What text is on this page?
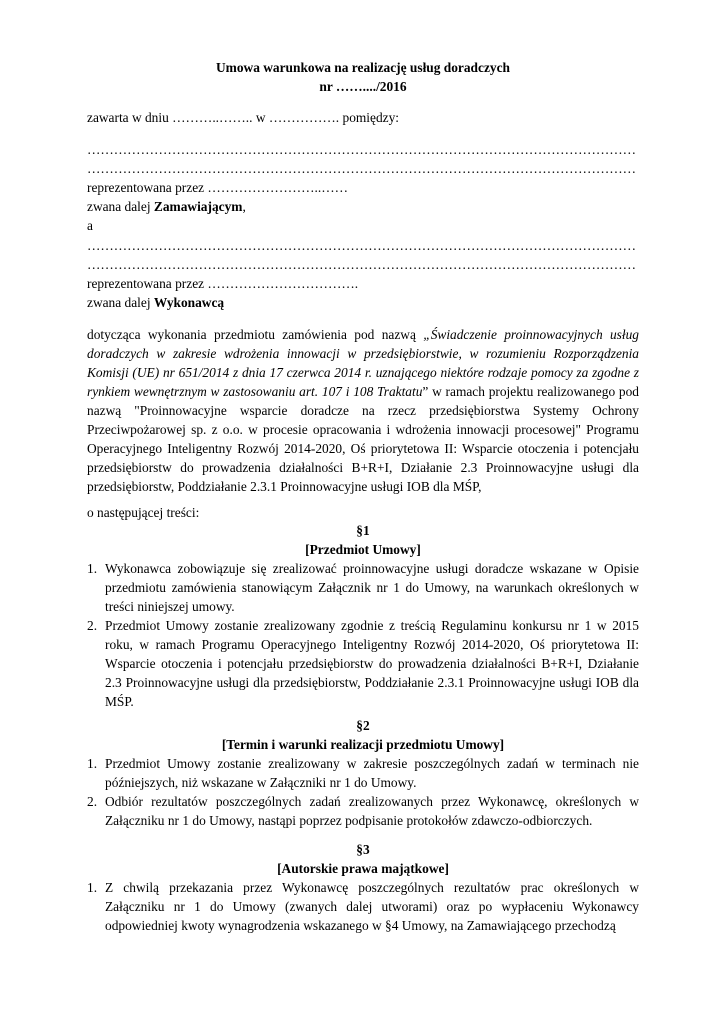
Umowa warunkowa na realizację usług doradczych

nr ……..../2016

zawarta w dniu ………..…….. w ……………. pomiędzy:

……………………………………………………………………………………………………………

……………………………………………………………………………………………………………

reprezentowana przez ……………………..……

zwana dalej Zamawiającym,

a

……………………………………………………………………………………………………………

……………………………………………………………………………………………………………

reprezentowana przez …………………………….

zwana dalej Wykonawcą

dotycząca wykonania przedmiotu zamówienia pod nazwą „Świadczenie proinnowacyjnych usług doradczych w zakresie wdrożenia innowacji w przedsiębiorstwie, w rozumieniu Rozporządzenia Komisji (UE) nr 651/2014 z dnia 17 czerwca 2014 r. uznającego niektóre rodzaje pomocy za zgodne z rynkiem wewnętrznym w zastosowaniu art. 107 i 108 Traktatu” w ramach projektu realizowanego pod nazwą "Proinnowacyjne wsparcie doradcze na rzecz przedsiębiorstwa Systemy Ochrony Przeciwpożarowej sp. z o.o. w procesie opracowania i wdrożenia innowacji procesowej" Programu Operacyjnego Inteligentny Rozwój 2014-2020, Oś priorytetowa II: Wsparcie otoczenia i potencjału przedsiębiorstw do prowadzenia działalności B+R+I, Działanie 2.3 Proinnowacyjne usługi dla przedsiębiorstw, Poddziałanie 2.3.1 Proinnowacyjne usługi IOB dla MŚP,

o następującej treści:

§1

[Przedmiot Umowy]

1. Wykonawca zobowiązuje się zrealizować proinnowacyjne usługi doradcze wskazane w Opisie przedmiotu zamówienia stanowiącym Załącznik nr 1 do Umowy, na warunkach określonych w treści niniejszej umowy.
2. Przedmiot Umowy zostanie zrealizowany zgodnie z treścią Regulaminu konkursu nr 1 w 2015 roku, w ramach Programu Operacyjnego Inteligentny Rozwój 2014-2020, Oś priorytetowa II: Wsparcie otoczenia i potencjału przedsiębiorstw do prowadzenia działalności B+R+I, Działanie 2.3 Proinnowacyjne usługi dla przedsiębiorstw, Poddziałanie 2.3.1 Proinnowacyjne usługi IOB dla MŚP.

§2

[Termin i warunki realizacji przedmiotu Umowy]

1. Przedmiot Umowy zostanie zrealizowany w zakresie poszczególnych zadań w terminach nie późniejszych, niż wskazane w Załączniki nr 1 do Umowy.
2. Odbiór rezultatów poszczególnych zadań zrealizowanych przez Wykonawcę, określonych w Załączniku nr 1 do Umowy, nastąpi poprzez podpisanie protokołów zdawczo-odbiorczych.

§3

[Autorskie prawa majątkowe]

1. Z chwilą przekazania przez Wykonawcę poszczególnych rezultatów prac określonych w Załączniku nr 1 do Umowy (zwanych dalej utworami) oraz po wypłaceniu Wykonawcy odpowiedniej kwoty wynagrodzenia wskazanego w §4 Umowy, na Zamawiającego przechodzą
